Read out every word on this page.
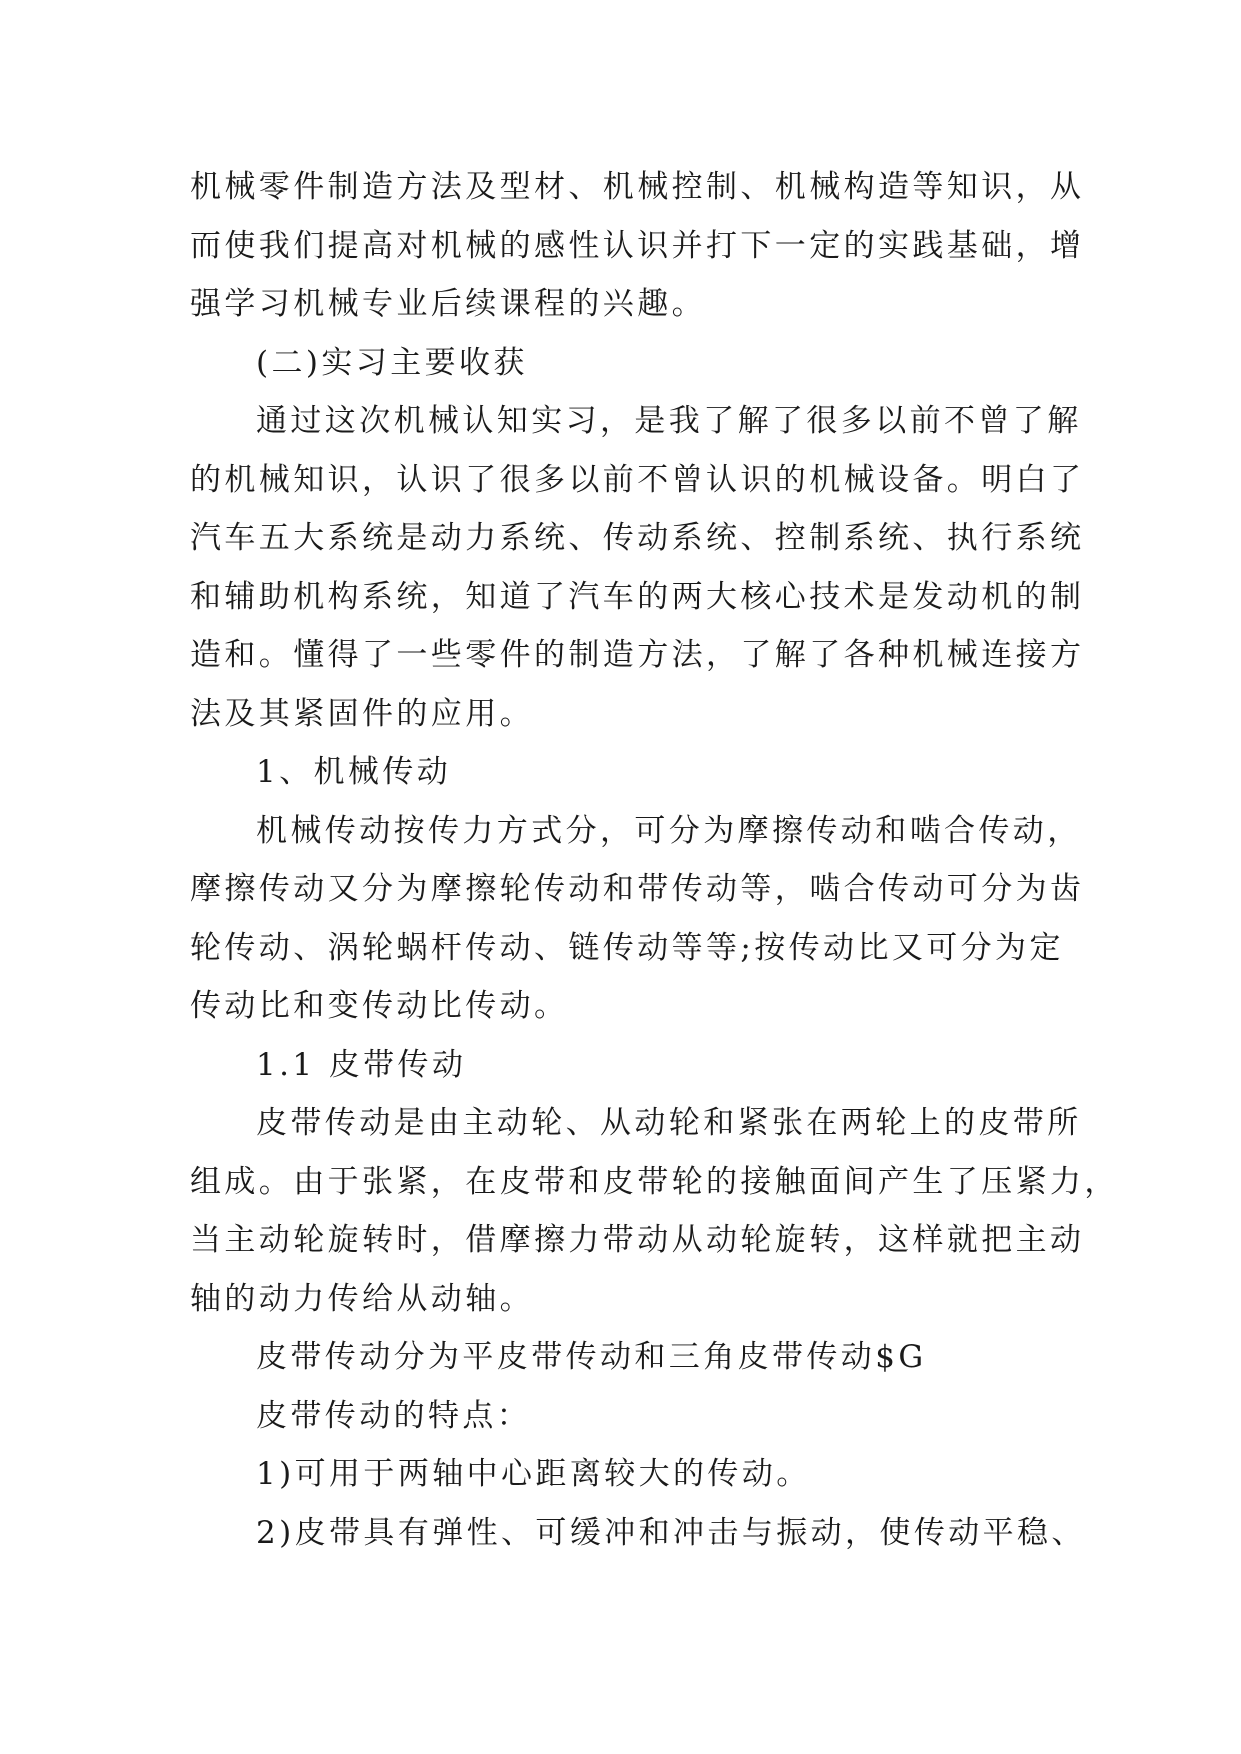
机械零件制造方法及型材、机械控制、机械构造等知识，从
而使我们提高对机械的感性认识并打下一定的实践基础，增
强学习机械专业后续课程的兴趣。
(二)实习主要收获
通过这次机械认知实习，是我了解了很多以前不曾了解
的机械知识，认识了很多以前不曾认识的机械设备。明白了
汽车五大系统是动力系统、传动系统、控制系统、执行系统
和辅助机构系统，知道了汽车的两大核心技术是发动机的制
造和。懂得了一些零件的制造方法，了解了各种机械连接方
法及其紧固件的应用。
1、机械传动
机械传动按传力方式分，可分为摩擦传动和啮合传动，
摩擦传动又分为摩擦轮传动和带传动等，啮合传动可分为齿
轮传动、涡轮蜗杆传动、链传动等等;按传动比又可分为定
传动比和变传动比传动。
1.1 皮带传动
皮带传动是由主动轮、从动轮和紧张在两轮上的皮带所
组成。由于张紧，在皮带和皮带轮的接触面间产生了压紧力，
当主动轮旋转时，借摩擦力带动从动轮旋转，这样就把主动
轴的动力传给从动轴。
皮带传动分为平皮带传动和三角皮带传动$G
皮带传动的特点：
1)可用于两轴中心距离较大的传动。
2)皮带具有弹性、可缓冲和冲击与振动，使传动平稳、
